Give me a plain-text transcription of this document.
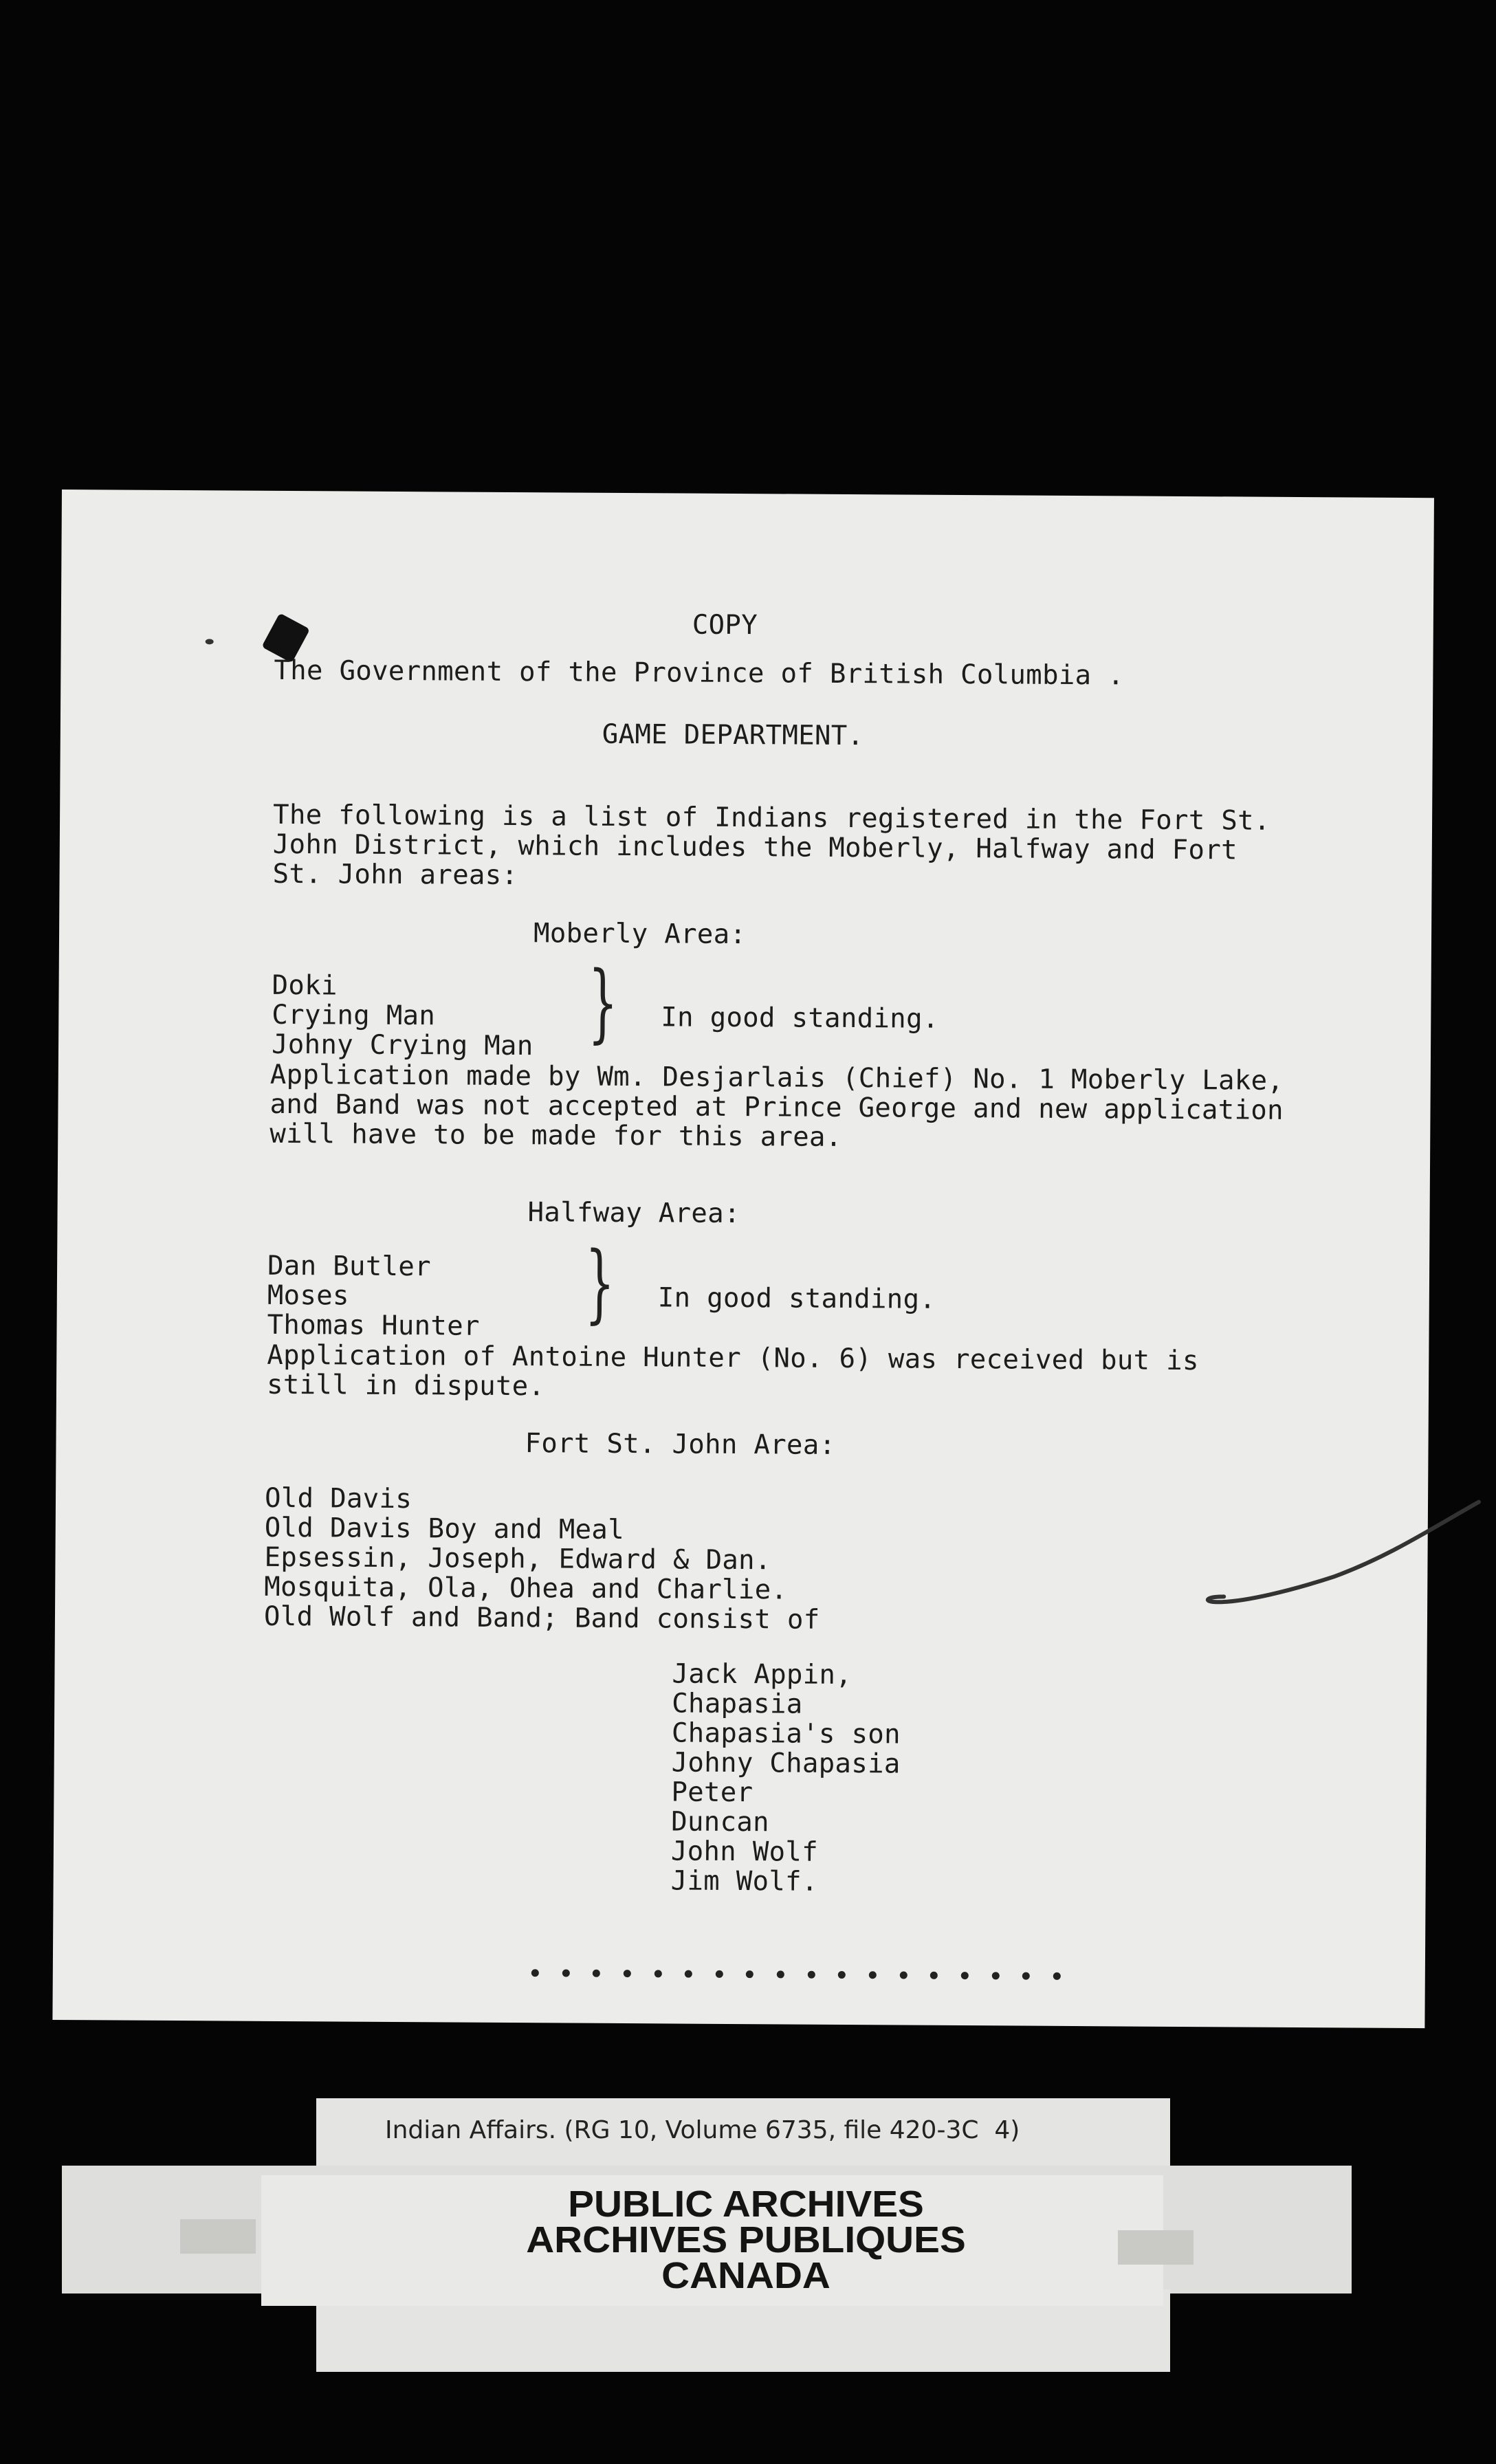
COPY
The Government of the Province of British Columbia .
GAME DEPARTMENT.
The following is a list of Indians registered in the Fort St.
John District, which includes the Moberly, Halfway and Fort
St. John areas:
Moberly Area:
Doki
Crying Man
Johny Crying Man } In good standing.
Application made by Wm. Desjarlais (Chief) No. 1 Moberly Lake,
and Band was not accepted at Prince George and new application
will have to be made for this area.
Halfway Area:
Dan Butler
Moses
Thomas Hunter } In good standing.
Application of Antoine Hunter (No. 6) was received but is
still in dispute.
Fort St. John Area:
Old Davis
Old Davis Boy and Meal
Epsessin, Joseph, Edward & Dan.
Mosquita, Ola, Ohea and Charlie.
Old Wolf and Band; Band consist of
Jack Appin,
Chapasia
Chapasia's son
Johny Chapasia
Peter
Duncan
John Wolf
Jim Wolf.
Indian Affairs. (RG 10, Volume 6735, file 420-3C  4)
PUBLIC ARCHIVES
ARCHIVES PUBLIQUES
CANADA
